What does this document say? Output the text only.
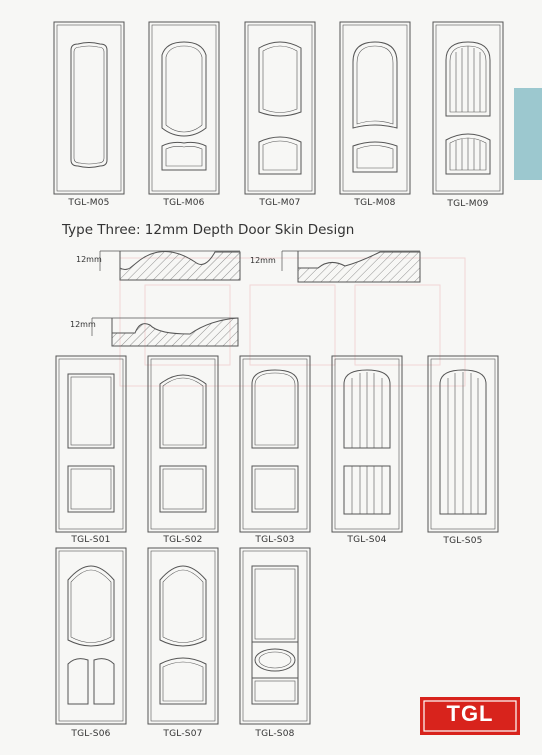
TGL-M05	TGL-M06	TGL-M07	TGL-M08	TGL-M09
Type Three: 12mm Depth Door Skin Design
12mm	12mm
12mm
TGL-S01	TGL-S02	TGL-S03	TGL-S04	TGL-S05
TGL-S06	TGL-S07	TGL-S08
TGL
